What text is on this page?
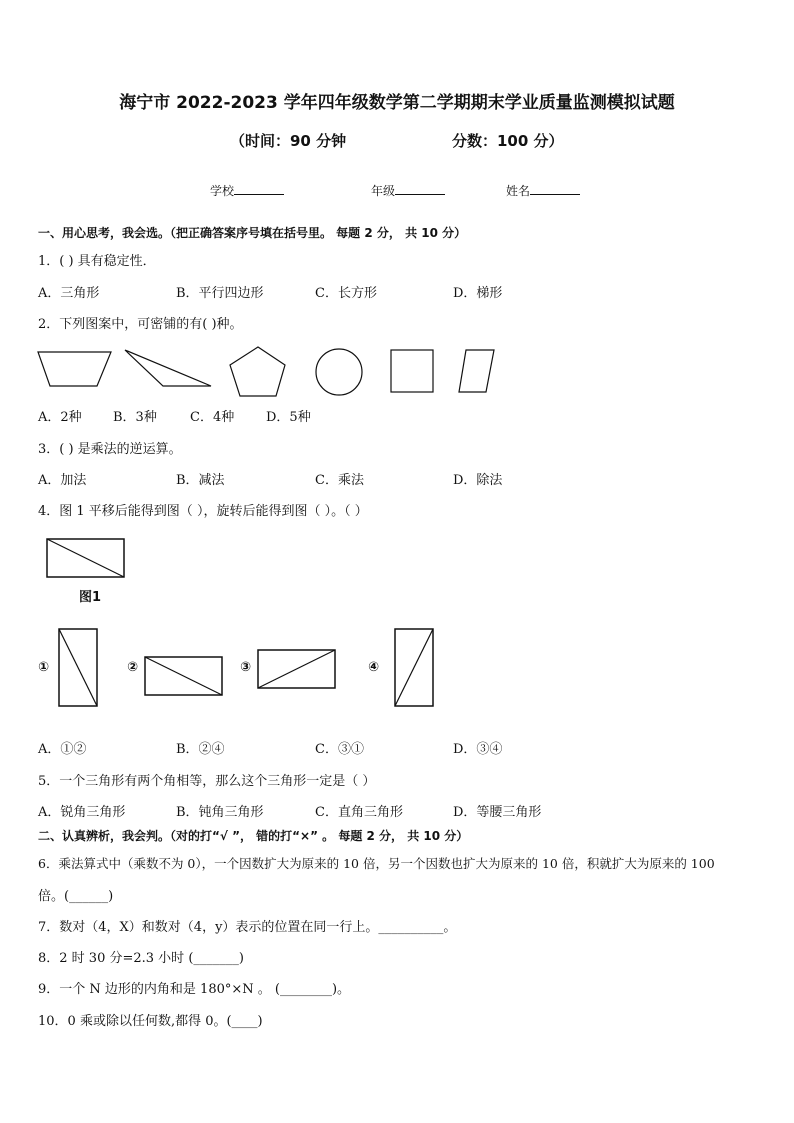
海宁市 2022-2023 学年四年级数学第二学期期末学业质量监测模拟试题
（时间：90 分钟	分数：100 分）
学校	年级	姓名
一、用心思考，我会选。（把正确答案序号填在括号里。 每题 2 分， 共 10 分）
1．( ) 具有稳定性．
A．三角形	B．平行四边形	C．长方形	D．梯形
2．下列图案中，可密铺的有( )种。
A．2种 B．3种	C．4种 D．5种
3．( ) 是乘法的逆运算。
A．加法	B．减法	C．乘法	D．除法
4．图 1 平移后能得到图（ ），旋转后能得到图（ ）。（ ）
图1
①	②	③	④
A．①②	B．②④	C．③①	D．③④
5．一个三角形有两个角相等，那么这个三角形一定是（ ）
A．锐角三角形	B．钝角三角形	C．直角三角形	D．等腰三角形
二、认真辨析，我会判。（对的打“√ ”， 错的打“×” 。 每题 2 分， 共 10 分）
6．乘法算式中（乘数不为 0），一个因数扩大为原来的 10 倍，另一个因数也扩大为原来的 10 倍，积就扩大为原来的 100
倍。(______)
7．数对（4，X）和数对（4，y）表示的位置在同一行上。__________。
8．2 时 30 分=2.3 小时 (_______)
9．一个 N 边形的内角和是 180°×N 。 (________)。
10．0 乘或除以任何数,都得 0。(____)
